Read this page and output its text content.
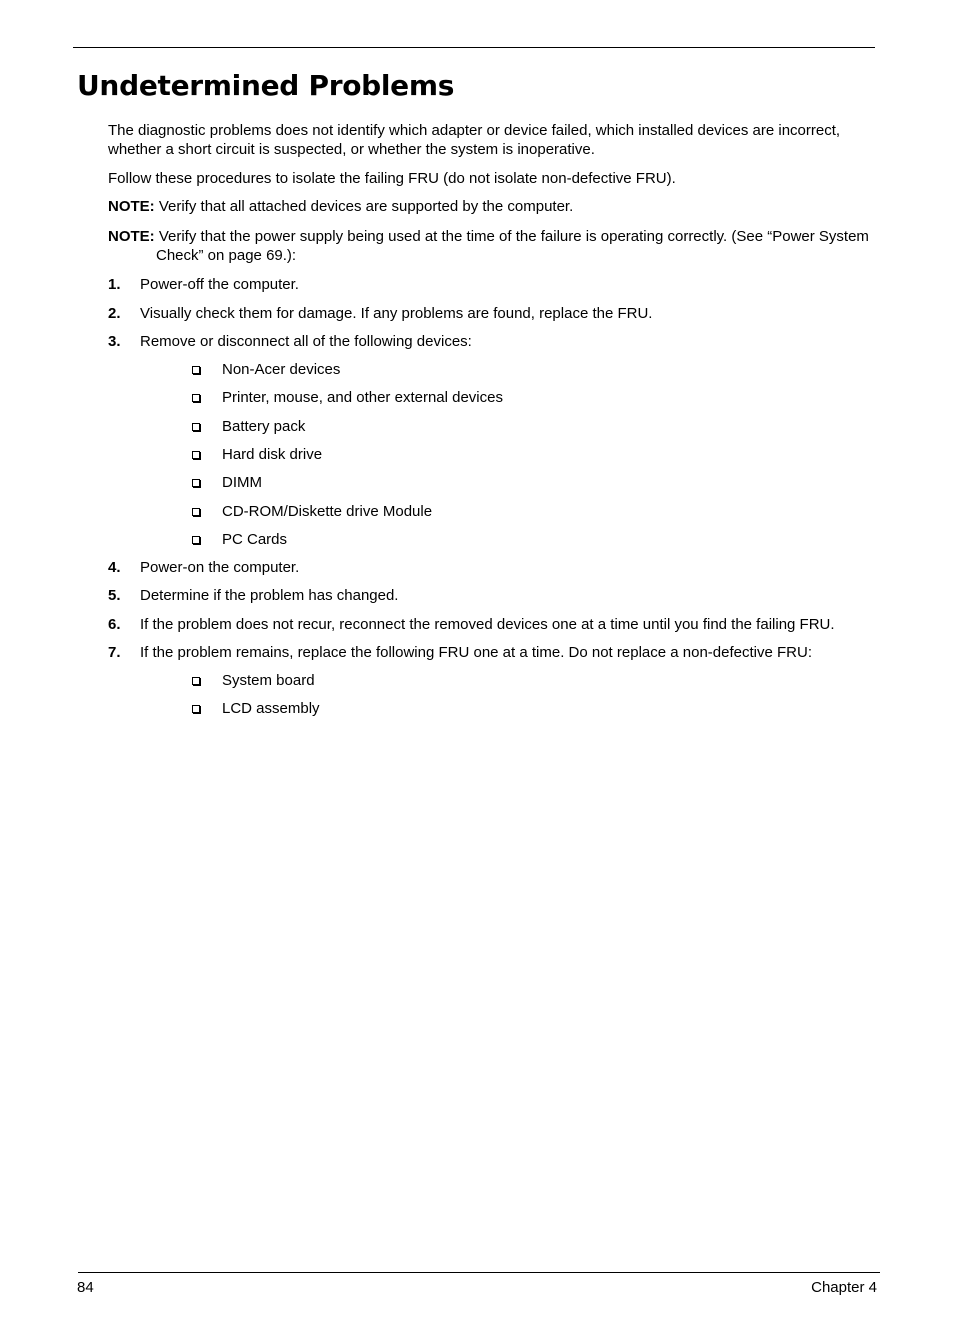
Undetermined Problems

The diagnostic problems does not identify which adapter or device failed, which installed devices are incorrect, whether a short circuit is suspected, or whether the system is inoperative.

Follow these procedures to isolate the failing FRU (do not isolate non-defective FRU).

NOTE: Verify that all attached devices are supported by the computer.

NOTE: Verify that the power supply being used at the time of the failure is operating correctly. (See “Power System Check” on page 69.):

1. Power-off the computer.

2. Visually check them for damage. If any problems are found, replace the FRU.

3. Remove or disconnect all of the following devices:

Non-Acer devices

Printer, mouse, and other external devices

Battery pack

Hard disk drive

DIMM

CD-ROM/Diskette drive Module

PC Cards

4. Power-on the computer.

5. Determine if the problem has changed.

6. If the problem does not recur, reconnect the removed devices one at a time until you find the failing FRU.

7. If the problem remains, replace the following FRU one at a time. Do not replace a non-defective FRU:

System board

LCD assembly

84	Chapter 4
